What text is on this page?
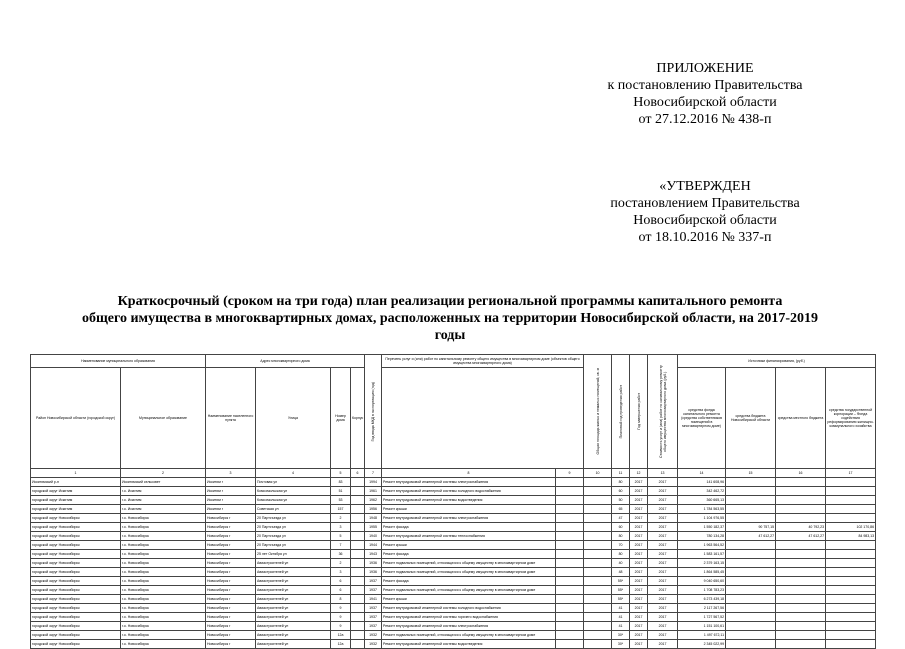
ПРИЛОЖЕНИЕ
к постановлению Правительства
Новосибирской области
от 27.12.2016 № 438-п
«УТВЕРЖДЕН
постановлением Правительства
Новосибирской области
от 18.10.2016 № 337-п
Краткосрочный (сроком на три года) план реализации региональной программы капитального ремонта
общего имущества в многоквартирных домах, расположенных на территории Новосибирской области, на 2017-2019
годы
Наименование муниципального образования		Адрес многоквартирного дома				Год ввода МКД в эксплуатацию (год)	Перечень услуг и (или) работ по капитальному ремонту общего имущества в многоквартирном доме (объектов общего имущества многоквартирного дома)		Общая площадь жилых и нежилых помещений, кв. м	Плановый год проведения работ	Год завершения работ	Стоимость услуг и (или) работ по капитальному ремонту общего имущества многоквартирного дома (руб.)	Источники финансирования, (руб.)			
Район Новосибирской области (городской округ)	Муниципальное образование	Наименование населенного пункта	Улица	Номер дома	Корпус								средства фонда капитального ремонта (средства собственников помещений в многоквартирном доме)	средства бюджета Новосибирской области	средства местного бюджета	средства государственной корпорации – Фонда содействия реформированию жилищно-коммунального хозяйства
1	2	3	4	5	6	7	8	9	10	11	12	13	14	15	16	17
Искитимский р-н	Искитимский сельсовет	Искитим г	Почтовая ул	83		1994	Ремонт внутридомовой инженерной системы электроснабжения			80	2017	2017	141 608,96			
городской округ Искитим	г.о. Искитим	Искитим г	Комсомольская ул	51		1961	Ремонт внутридомовой инженерной системы холодного водоснабжения			60	2017	2017	342 462,72			
городской округ Искитим	г.о. Искитим	Искитим г	Комсомольская ул	53		1962	Ремонт внутридомовой инженерной системы водоотведения			50	2017	2017	360 665,13			
городской округ Искитим	г.о. Искитим	Искитим г	Советская ул	157		1956	Ремонт крыши			65	2017	2017	1 784 563,55			
городской округ Новосибирск	г.о. Новосибирск	Новосибирск г	20 Партсъезда ул	2		1948	Ремонт внутридомовой инженерной системы электроснабжения			47	2017	2017	1 104 976,55			
городской округ Новосибирск	г.о. Новосибирск	Новосибирск г	20 Партсъезда ул	3		1955	Ремонт фасада			60	2017	2017	1 550 182,37	90 757,15	40 792,23	102 170,86
городской округ Новосибирск	г.о. Новосибирск	Новосибирск г	20 Партсъезда ул	5		1940	Ремонт внутридомовой инженерной системы теплоснабжения			80	2017	2017	780 134,28	47 612,27	47 612,27	84 983,13
городской округ Новосибирск	г.о. Новосибирск	Новосибирск г	20 Партсъезда ул	7		1944	Ремонт крыши			70	2017	2017	1 963 564,52			
городской округ Новосибирск	г.о. Новосибирск	Новосибирск г	25 лет Октября ул	36		1943	Ремонт фасада			80	2017	2017	1 583 161,57			
городской округ Новосибирск	г.о. Новосибирск	Новосибирск г	Авиастроителей ул	2		1936	Ремонт подвальных помещений, относящихся к общему имуществу в многоквартирном доме			40	2017	2017	2 379 163,15			
городской округ Новосибирск	г.о. Новосибирск	Новосибирск г	Авиастроителей ул	3		1936	Ремонт подвальных помещений, относящихся к общему имуществу в многоквартирном доме			48	2017	2017	1 864 585,45			
городской округ Новосибирск	г.о. Новосибирск	Новосибирск г	Авиастроителей ул	6		1937	Ремонт фасада			55*	2017	2017	9 040 650,60			
городской округ Новосибирск	г.о. Новосибирск	Новосибирск г	Авиастроителей ул	6		1937	Ремонт подвальных помещений, относящихся к общему имуществу в многоквартирном доме			55*	2017	2017	1 708 783,23			
городской округ Новосибирск	г.о. Новосибирск	Новосибирск г	Авиастроителей ул	8		1941	Ремонт крыши			55*	2017	2017	6 273 439,18			
городской округ Новосибирск	г.о. Новосибирск	Новосибирск г	Авиастроителей ул	9		1937	Ремонт внутридомовой инженерной системы холодного водоснабжения			41	2017	2017	2 117 267,56			
городской округ Новосибирск	г.о. Новосибирск	Новосибирск г	Авиастроителей ул	9		1937	Ремонт внутридомовой инженерной системы горячего водоснабжения			41	2017	2017	1 727 567,52			
городской округ Новосибирск	г.о. Новосибирск	Новосибирск г	Авиастроителей ул	9		1937	Ремонт внутридомовой инженерной системы электроснабжения			41	2017	2017	1 151 100,61			
городской округ Новосибирск	г.о. Новосибирск	Новосибирск г	Авиастроителей ул	12а		1932	Ремонт подвальных помещений, относящихся к общему имуществу в многоквартирном доме			30*	2017	2017	1 497 672,11			
городской округ Новосибирск	г.о. Новосибирск	Новосибирск г	Авиастроителей ул	12а		1932	Ремонт внутридомовой инженерной системы водоотведения			30*	2017	2017	2 345 022,99			
